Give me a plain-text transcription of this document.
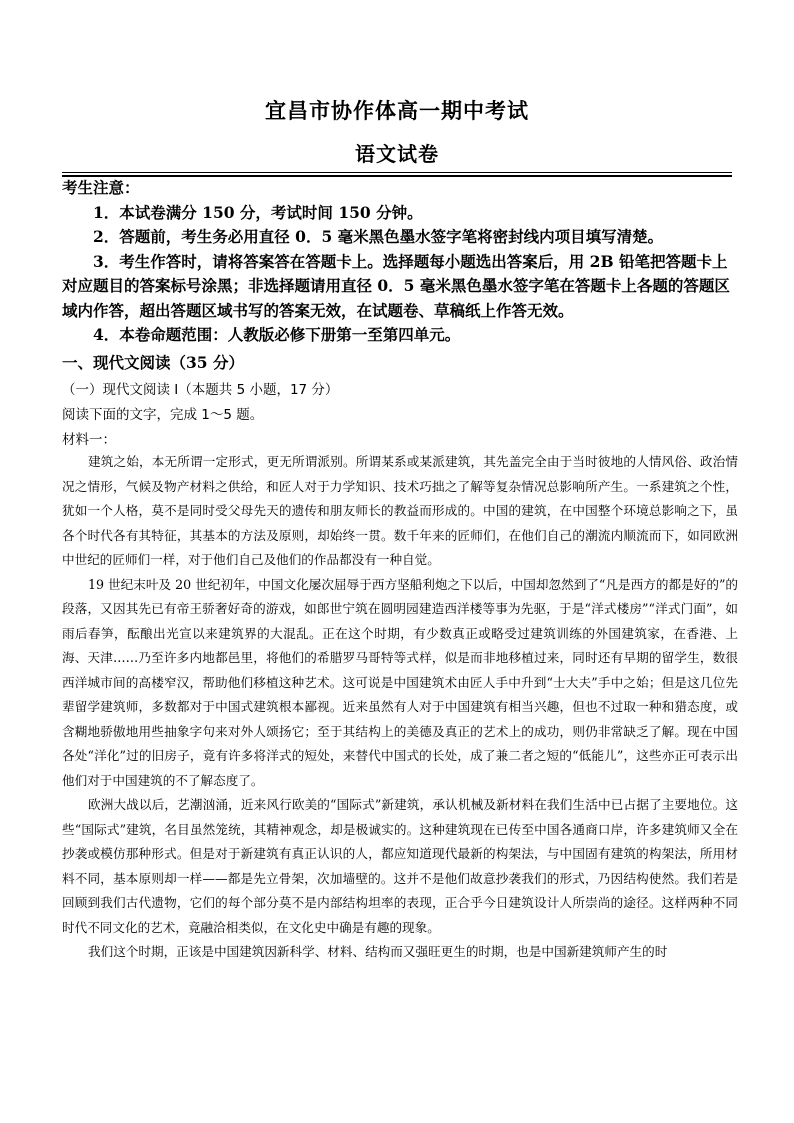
宜昌市协作体高一期中考试
语文试卷

考生注意：

1．本试卷满分 150 分，考试时间 150 分钟。

2．答题前，考生务必用直径 0．5 毫米黑色墨水签字笔将密封线内项目填写清楚。

3．考生作答时，请将答案答在答题卡上。选择题每小题选出答案后，用 2B 铅笔把答题卡上对应题目的答案标号涂黑；非选择题请用直径 0．5 毫米黑色墨水签字笔在答题卡上各题的答题区域内作答，超出答题区域书写的答案无效，在试题卷、草稿纸上作答无效。

4．本卷命题范围：人教版必修下册第一至第四单元。

一、现代文阅读（35 分）
（一）现代文阅读 I（本题共 5 小题，17 分）
阅读下面的文字，完成 1～5 题。
材料一：

建筑之始，本无所谓一定形式，更无所谓派别。所谓某系或某派建筑，其先盖完全由于当时彼地的人情风俗、政治情况之情形，气候及物产材料之供给，和匠人对于力学知识、技术巧拙之了解等复杂情况总影响所产生。一系建筑之个性，犹如一个人格，莫不是同时受父母先天的遗传和朋友师长的教益而形成的。中国的建筑，在中国整个环境总影响之下，虽各个时代各有其特征，其基本的方法及原则，却始终一贯。数千年来的匠师们，在他们自己的潮流内顺流而下，如同欧洲中世纪的匠师们一样，对于他们自己及他们的作品都没有一种自觉。

19 世纪末叶及 20 世纪初年，中国文化屡次屈辱于西方坚船利炮之下以后，中国却忽然到了“凡是西方的都是好的”的段落，又因其先已有帝王骄奢好奇的游戏，如郎世宁筑在圆明园建造西洋楼等事为先驱，于是“洋式楼房”“洋式门面”，如雨后春笋，酝酿出光宣以来建筑界的大混乱。正在这个时期，有少数真正或略受过建筑训练的外国建筑家，在香港、上海、天津……乃至许多内地都邑里，将他们的希腊罗马哥特等式样，似是而非地移植过来，同时还有早期的留学生，数很西洋城市间的高楼窄汉，帮助他们移植这种艺术。这可说是中国建筑术由匠人手中升到“士大夫”手中之始；但是这几位先辈留学建筑师，多数都对于中国式建筑根本鄙视。近来虽然有人对于中国建筑有相当兴趣，但也不过取一种和猎态度，或含糊地骄傲地用些抽象字句来对外人颂扬它；至于其结构上的美德及真正的艺术上的成功，则仍非常缺乏了解。现在中国各处“洋化”过的旧房子，竟有许多将洋式的短处，来替代中国式的长处，成了兼二者之短的“低能儿”，这些亦正可表示出他们对于中国建筑的不了解态度了。

欧洲大战以后，艺潮汹涌，近来风行欧美的“国际式”新建筑，承认机械及新材料在我们生活中已占据了主要地位。这些“国际式”建筑，名目虽然笼统，其精神观念，却是极诚实的。这种建筑现在已传至中国各通商口岸，许多建筑师又全在抄袭或模仿那种形式。但是对于新建筑有真正认识的人，都应知道现代最新的构架法，与中国固有建筑的构架法，所用材料不同，基本原则却一样——都是先立骨架，次加墙壁的。这并不是他们故意抄袭我们的形式，乃因结构使然。我们若是回顾到我们古代遗物，它们的每个部分莫不是内部结构坦率的表现，正合乎今日建筑设计人所崇尚的途径。这样两种不同时代不同文化的艺术，竟融洽相类似，在文化史中确是有趣的现象。

我们这个时期，正该是中国建筑因新科学、材料、结构而又强旺更生的时期，也是中国新建筑师产生的时
